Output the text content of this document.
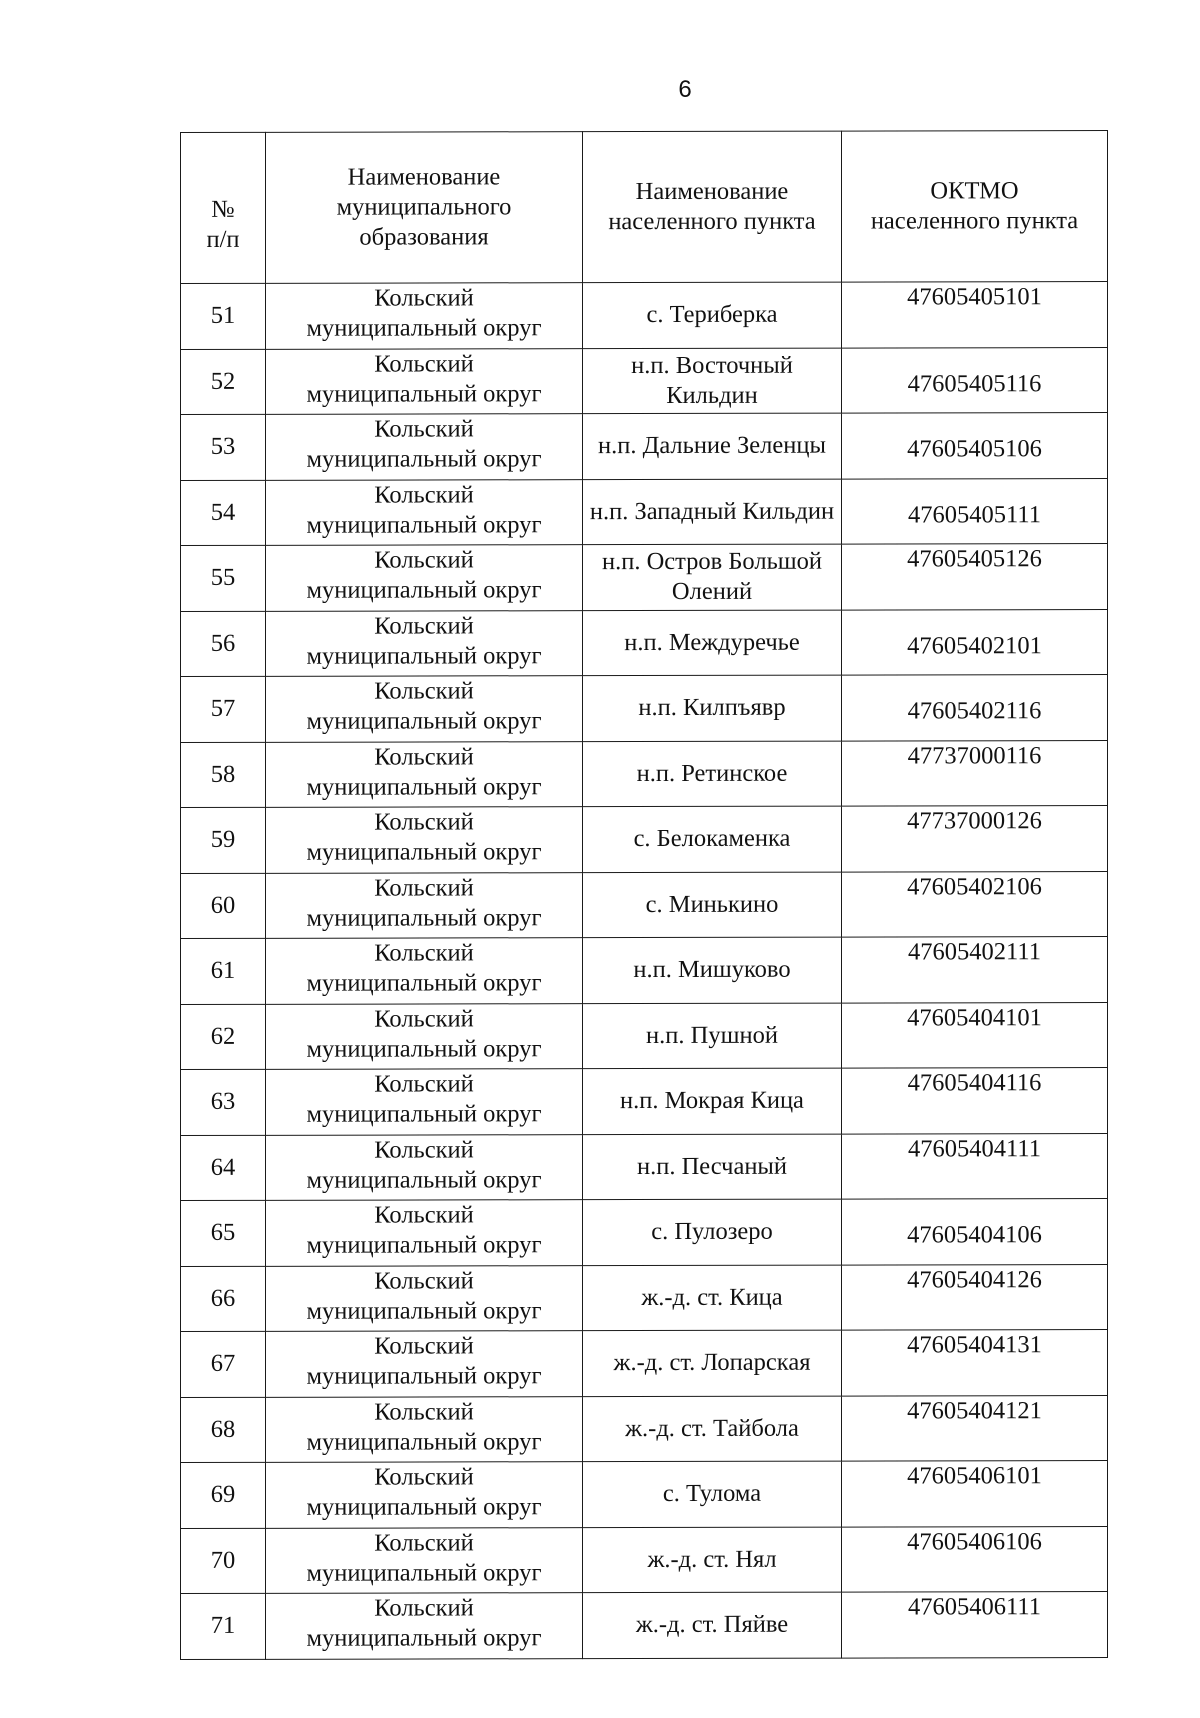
6
№
п/п	Наименование
муниципального
образования	Наименование
населенного пункта	ОКТМО
населенного пункта

51	Кольский
муниципальный округ	с. Териберка	47605405101
52	Кольский
муниципальный округ	н.п. Восточный Кильдин	47605405116
53	Кольский
муниципальный округ	н.п. Дальние Зеленцы	47605405106
54	Кольский
муниципальный округ	н.п. Западный Кильдин	47605405111
55	Кольский
муниципальный округ	н.п. Остров Большой Олений	47605405126
56	Кольский
муниципальный округ	н.п. Междуречье	47605402101
57	Кольский
муниципальный округ	н.п. Килпъявр	47605402116
58	Кольский
муниципальный округ	н.п. Ретинское	47737000116
59	Кольский
муниципальный округ	с. Белокаменка	47737000126
60	Кольский
муниципальный округ	с. Минькино	47605402106
61	Кольский
муниципальный округ	н.п. Мишуково	47605402111
62	Кольский
муниципальный округ	н.п. Пушной	47605404101
63	Кольский
муниципальный округ	н.п. Мокрая Кица	47605404116
64	Кольский
муниципальный округ	н.п. Песчаный	47605404111
65	Кольский
муниципальный округ	с. Пулозеро	47605404106
66	Кольский
муниципальный округ	ж.-д. ст. Кица	47605404126
67	Кольский
муниципальный округ	ж.-д. ст. Лопарская	47605404131
68	Кольский
муниципальный округ	ж.-д. ст. Тайбола	47605404121
69	Кольский
муниципальный округ	с. Тулома	47605406101
70	Кольский
муниципальный округ	ж.-д. ст. Нял	47605406106
71	Кольский
муниципальный округ	ж.-д. ст. Пяйве	47605406111
